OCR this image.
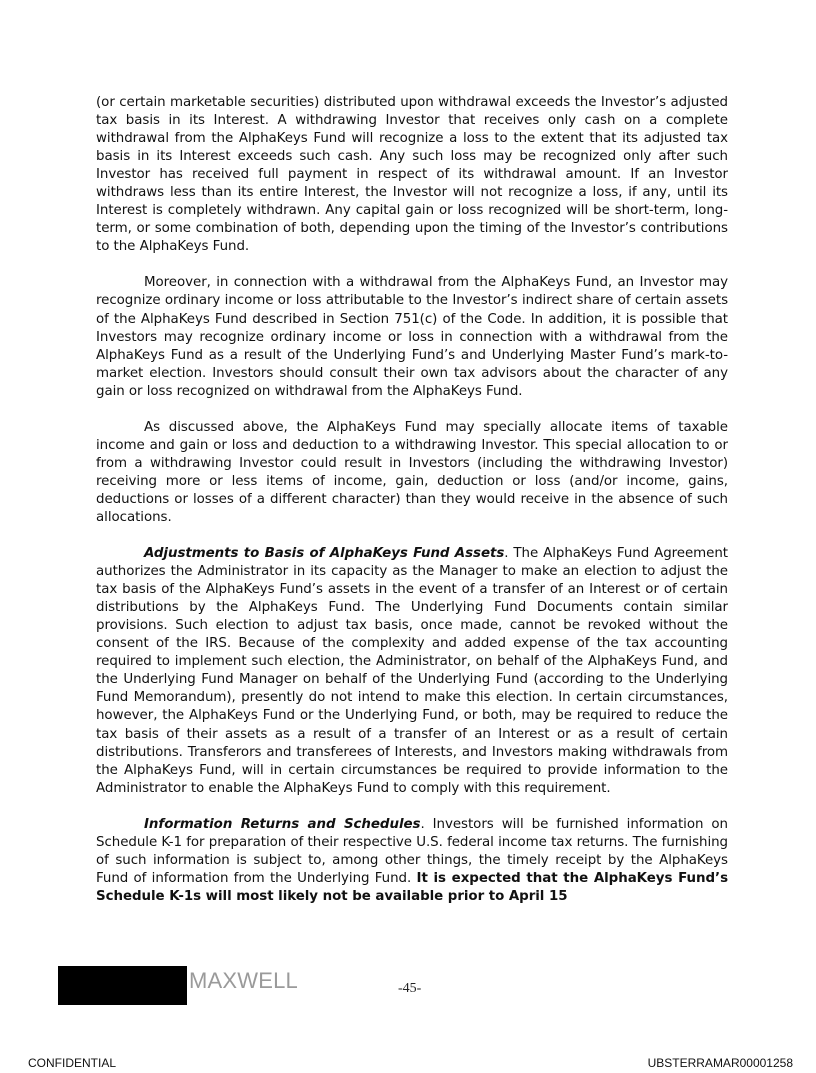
(or certain marketable securities) distributed upon withdrawal exceeds the Investor’s adjusted tax basis in its Interest. A withdrawing Investor that receives only cash on a complete withdrawal from the AlphaKeys Fund will recognize a loss to the extent that its adjusted tax basis in its Interest exceeds such cash. Any such loss may be recognized only after such Investor has received full payment in respect of its withdrawal amount. If an Investor withdraws less than its entire Interest, the Investor will not recognize a loss, if any, until its Interest is completely withdrawn. Any capital gain or loss recognized will be short-term, long-term, or some combination of both, depending upon the timing of the Investor’s contributions to the AlphaKeys Fund.

Moreover, in connection with a withdrawal from the AlphaKeys Fund, an Investor may recognize ordinary income or loss attributable to the Investor’s indirect share of certain assets of the AlphaKeys Fund described in Section 751(c) of the Code. In addition, it is possible that Investors may recognize ordinary income or loss in connection with a withdrawal from the AlphaKeys Fund as a result of the Underlying Fund’s and Underlying Master Fund’s mark-to-market election. Investors should consult their own tax advisors about the character of any gain or loss recognized on withdrawal from the AlphaKeys Fund.

As discussed above, the AlphaKeys Fund may specially allocate items of taxable income and gain or loss and deduction to a withdrawing Investor. This special allocation to or from a withdrawing Investor could result in Investors (including the withdrawing Investor) receiving more or less items of income, gain, deduction or loss (and/or income, gains, deductions or losses of a different character) than they would receive in the absence of such allocations.

Adjustments to Basis of AlphaKeys Fund Assets. The AlphaKeys Fund Agreement authorizes the Administrator in its capacity as the Manager to make an election to adjust the tax basis of the AlphaKeys Fund’s assets in the event of a transfer of an Interest or of certain distributions by the AlphaKeys Fund. The Underlying Fund Documents contain similar provisions. Such election to adjust tax basis, once made, cannot be revoked without the consent of the IRS. Because of the complexity and added expense of the tax accounting required to implement such election, the Administrator, on behalf of the AlphaKeys Fund, and the Underlying Fund Manager on behalf of the Underlying Fund (according to the Underlying Fund Memorandum), presently do not intend to make this election. In certain circumstances, however, the AlphaKeys Fund or the Underlying Fund, or both, may be required to reduce the tax basis of their assets as a result of a transfer of an Interest or as a result of certain distributions. Transferors and transferees of Interests, and Investors making withdrawals from the AlphaKeys Fund, will in certain circumstances be required to provide information to the Administrator to enable the AlphaKeys Fund to comply with this requirement.

Information Returns and Schedules. Investors will be furnished information on Schedule K-1 for preparation of their respective U.S. federal income tax returns. The furnishing of such information is subject to, among other things, the timely receipt by the AlphaKeys Fund of information from the Underlying Fund. It is expected that the AlphaKeys Fund’s Schedule K-1s will most likely not be available prior to April 15

MAXWELL	-45-
CONFIDENTIAL	UBSTERRAMAR00001258
